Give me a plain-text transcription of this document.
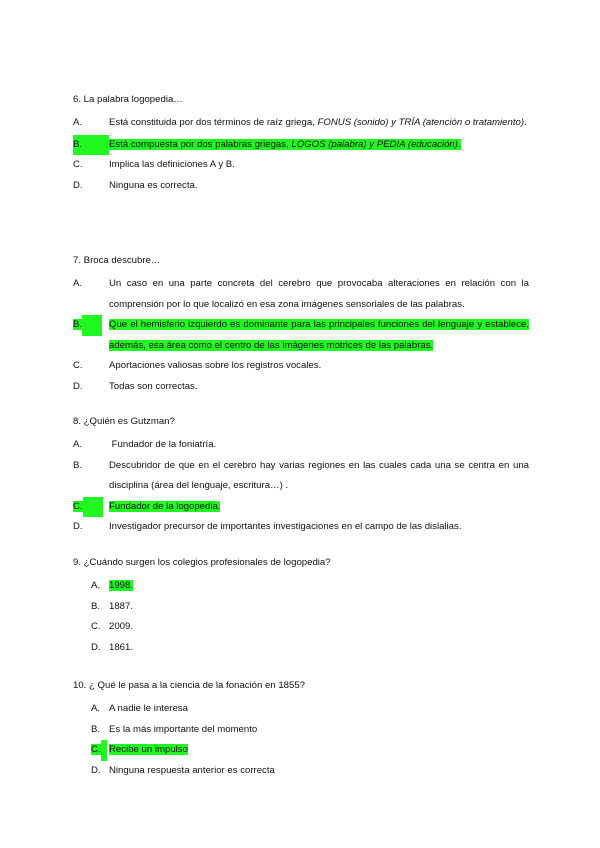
6. La palabra logopedia…
A.	Está constituida por dos términos de raíz griega, FONUS (sonido) y TRÍA (atención o tratamiento).
B.	Está compuesta por dos palabras griegas, LOGOS (palabra) y PEDIA (educación).
C.	Implica las definiciones A y B.
D.	Ninguna es correcta.
7. Broca descubre…
A.	Un caso en una parte concreta del cerebro que provocaba alteraciones en relación con la comprensión por lo que localizó en esa zona imágenes sensoriales de las palabras.
B.	Que el hemisferio izquierdo es dominante para las principales funciones del lenguaje y establece, además, esa área como el centro de las imágenes motrices de las palabras.
C.	Aportaciones valiosas sobre los registros vocales.
D.	Todas son correctas.
8. ¿Quién es Gutzman?
A.	Fundador de la foniatría.
B.	Descubridor de que en el cerebro hay varias regiones en las cuales cada una se centra en una disciplina (área del lenguaje, escritura…) .
C.	Fundador de la logopedia.
D.	Investigador precursor de importantes investigaciones en el campo de las dislalias.
9. ¿Cuándo surgen los colegios profesionales de logopedia?
A. 1998.
B. 1887.
C. 2009.
D. 1861.
10. ¿ Qué le pasa a la ciencia de la fonación en 1855?
A. A nadie le interesa
B. Es la más importante del momento
C. Recibe un impulso
D. Ninguna respuesta anterior es correcta
